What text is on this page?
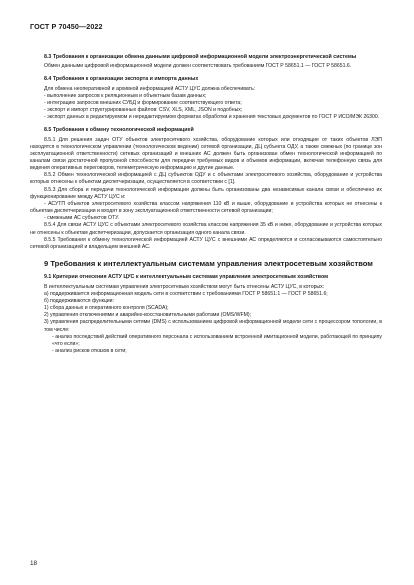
ГОСТ Р 70450—2022
8.3 Требования к организации обмена данными цифровой информационной модели электроэнергетической системы

Обмен данными цифровой информационной модели должен соответствовать требованиям ГОСТ Р 58651.1 — ГОСТ Р 58651.6.

8.4 Требования к организации экспорта и импорта данных

Для обмена неоперативной и архивной информацией АСТУ ЦУС должна обеспечивать:

- выполнение запросов к реляционным и объектным базам данных;

- интеграцию запросов внешних СУБД и формирование соответствующего ответа;

- экспорт и импорт структурированных файлов: CSV, XLS, XML, JSON и подобных;

- экспорт данных в редактируемом и нередактируемом форматах обработки и хранения текстовых документов по ГОСТ Р ИСО/МЭК 26300.

8.5 Требования к обмену технологической информацией

8.5.1 Для решения задач ОТУ объектов электросетевого хозяйства, оборудование которых или отходящие от таких объектов ЛЭП находятся в технологическом управлении (технологическом ведении) сетевой организации, ДЦ субъекта ОДУ, а также смежных (по границе зон эксплуатационной ответственности) сетевых организаций и внешних АС должен быть организован обмен технологической информацией по каналам связи достаточной пропускной способности для передачи требуемых видов и объемов информации, включая телефонную связь для ведения оперативных переговоров, телеметрическую информацию и другие данные.

8.5.2 Обмен технологической информацией с ДЦ субъектов ОДУ и с объектами электросетевого хозяйства, оборудование и устройства которых отнесены к объектам диспетчеризации, осуществляется в соответствии с [1].

8.5.3 Для сбора и передачи технологической информации должны быть организованы два независимых канала связи и обеспечено их функционирование между АСТУ ЦУС и:

- АСУТП объектов электросетевого хозяйства классом напряжения 110 кВ и выше, оборудование и устройства которых не отнесены к объектам диспетчеризации и входят в зону эксплуатационной ответственности сетевой организации;

- смежными АС субъектов ОТУ.

8.5.4 Для связи АСТУ ЦУС с объектами электросетевого хозяйства классом напряжения 35 кВ и ниже, оборудование и устройства которых не отнесены к объектам диспетчеризации, допускается организация одного канала связи.

8.5.5 Требования к обмену технологической информацией АСТУ ЦУС с внешними АС определяются и согласовываются самостоятельно сетевой организацией и владельцем внешней АС.

9 Требования к интеллектуальным системам управления электросетевым хозяйством
9.1 Критерии отнесения АСТУ ЦУС к интеллектуальным системам управления электросетевым хозяйством

В интеллектуальным системам управления электросетевым хозяйством могут быть отнесены АСТУ ЦУС, в которых:

а) поддерживается информационная модель сети в соответствии с требованиями ГОСТ Р 58651.1 — ГОСТ Р 58651.6;

б) поддерживаются функции:

1) сбора данных и оперативного контроля (SCADA);

2) управления отключениями и аварийно-восстановительными работами (OMS/WFM);

3) управления распределительными сетями (DMS) с использованием цифровой информационной модели сети с процессором топологии, в том числе:

- анализ последствий действий оперативного персонала с использованием встроенной имитационной модели, работающей по принципу «что если»;

- анализ рисков отказов в сети;

18
